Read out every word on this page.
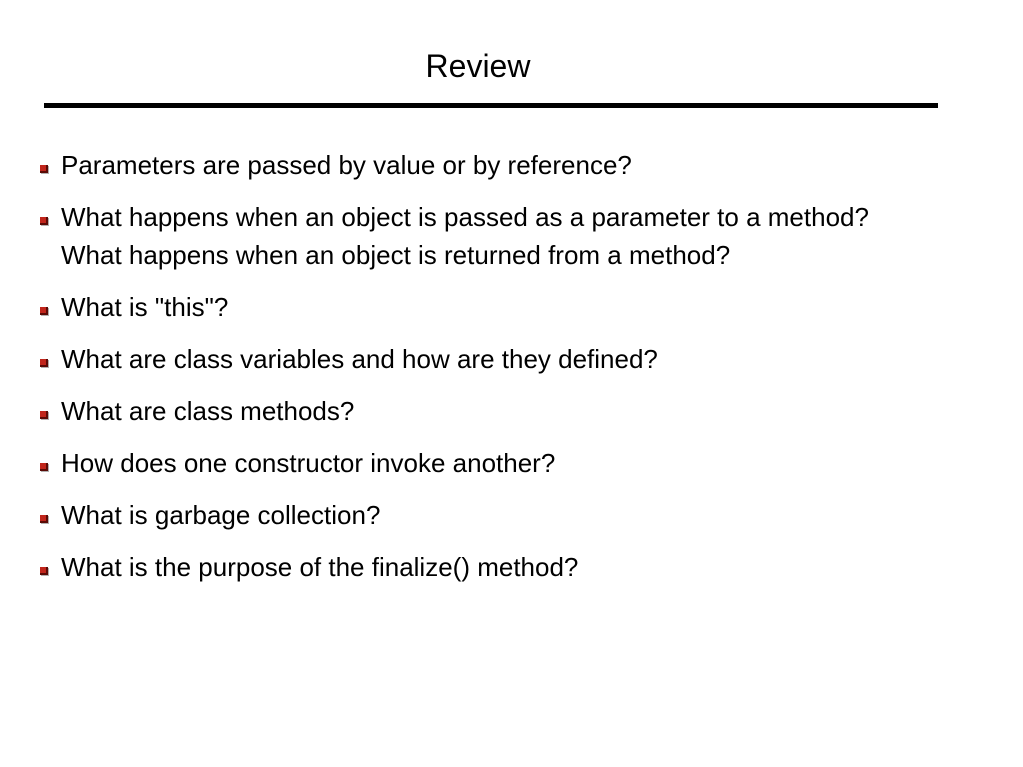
Review
Parameters are passed by value or by reference?
What happens when an object is passed as a parameter to a method?  What happens when an object is returned from a method?
What is "this"?
What are class variables and how are they defined?
What are class methods?
How does one constructor invoke another?
What is garbage collection?
What is the purpose of the finalize() method?
